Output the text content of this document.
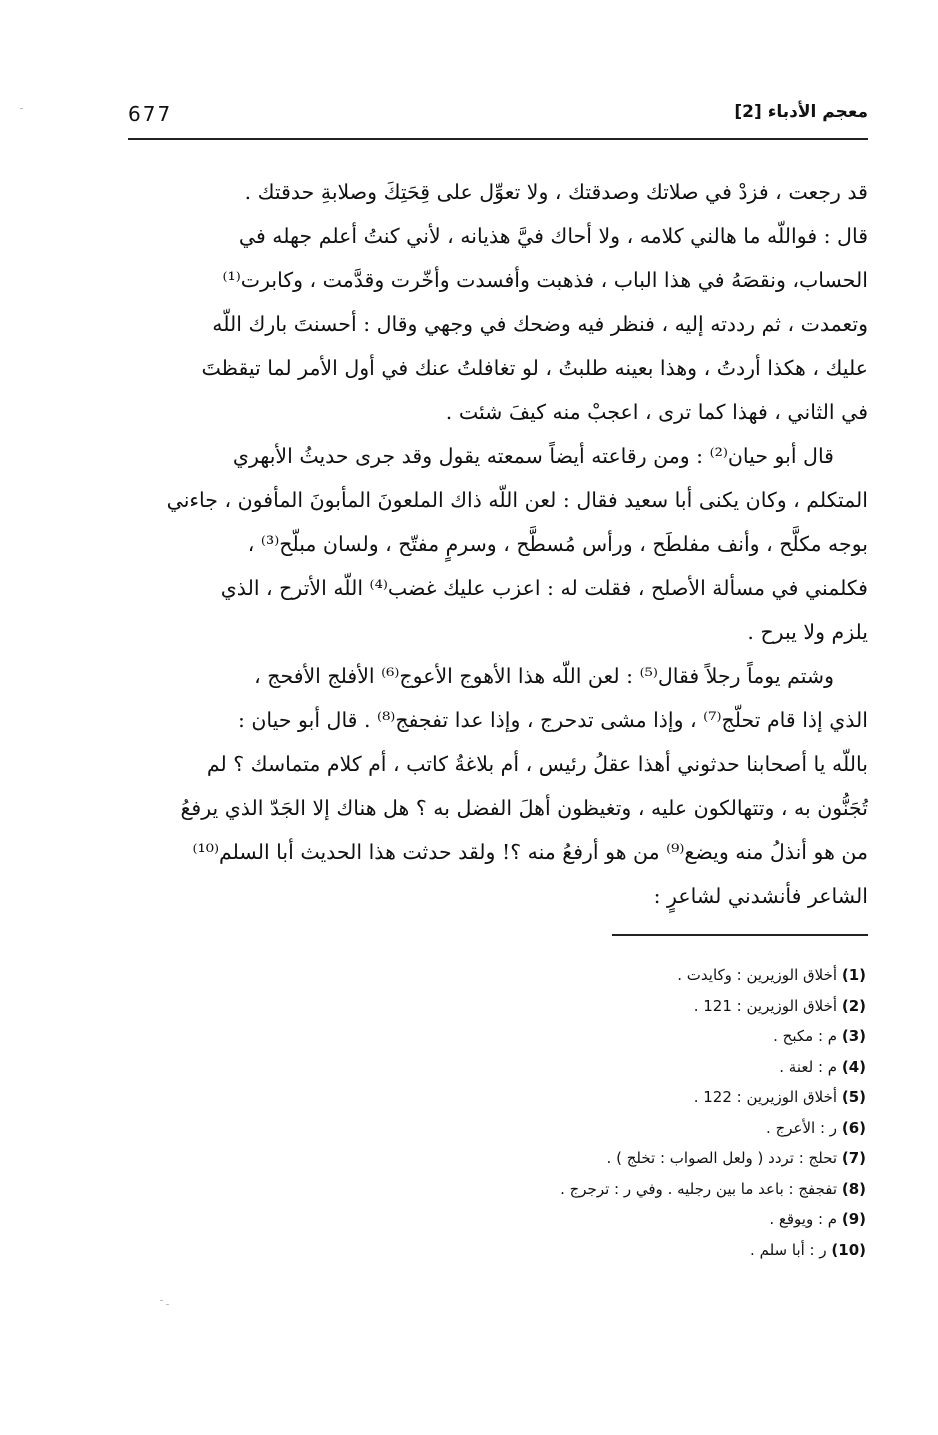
677	معجم الأدباء [2]
قد رجعت ، فزدْ في صلاتك وصدقتك ، ولا تعوِّل على قِحَتِكَ وصلابةِ حدقتك .
قال : فواللّه ما هالني كلامه ، ولا أحاك فيَّ هذيانه ، لأني كنتُ أعلم جهله في
الحساب، ونقصَهُ في هذا الباب ، فذهبت وأفسدت وأخّرت وقدَّمت ، وكابرت⁽¹⁾
وتعمدت ، ثم رددته إليه ، فنظر فيه وضحك في وجهي وقال : أحسنتَ بارك اللّه
عليك ، هكذا أردتُ ، وهذا بعينه طلبتُ ، لو تغافلتُ عنك في أول الأمر لما تيقظتَ
في الثاني ، فهذا كما ترى ، اعجبْ منه كيفَ شئت .
قال أبو حيان⁽²⁾ : ومن رقاعته أيضاً سمعته يقول وقد جرى حديثُ الأبهري
المتكلم ، وكان يكنى أبا سعيد فقال : لعن اللّه ذاك الملعونَ المأبونَ المأفون ، جاءني
بوجه مكلَّح ، وأنف مفلطَح ، ورأس مُسطَّح ، وسرمٍ مفتّح ، ولسان مبلّح⁽³⁾ ،
فكلمني في مسألة الأصلح ، فقلت له : اعزب عليك غضب⁽⁴⁾ اللّه الأترح ، الذي
يلزم ولا يبرح .
وشتم يوماً رجلاً فقال⁽⁵⁾ : لعن اللّه هذا الأهوج الأعوج⁽⁶⁾ الأفلج الأفحج ،
الذي إذا قام تحلّج⁽⁷⁾ ، وإذا مشى تدحرج ، وإذا عدا تفجفج⁽⁸⁾ . قال أبو حيان :
باللّه يا أصحابنا حدثوني أهذا عقلُ رئيس ، أم بلاغةُ كاتب ، أم كلام متماسك ؟ لم
تُجَنُّون به ، وتتهالكون عليه ، وتغيظون أهلَ الفضل به ؟ هل هناك إلا الجَدّ الذي يرفعُ
من هو أنذلُ منه ويضع⁽⁹⁾ من هو أرفعُ منه ؟! ولقد حدثت هذا الحديث أبا السلم⁽¹⁰⁾
الشاعر فأنشدني لشاعرٍ :
(1) أخلاق الوزيرين : وكايدت .
(2) أخلاق الوزيرين : 121 .
(3) م : مكبح .
(4) م : لعنة .
(5) أخلاق الوزيرين : 122 .
(6) ر : الأعرج .
(7) تحلج : تردد ( ولعل الصواب : تخلج ) .
(8) تفجفج : باعد ما بين رجليه . وفي ر : ترجرج .
(9) م : ويوقع .
(10) ر : أبا سلم .
